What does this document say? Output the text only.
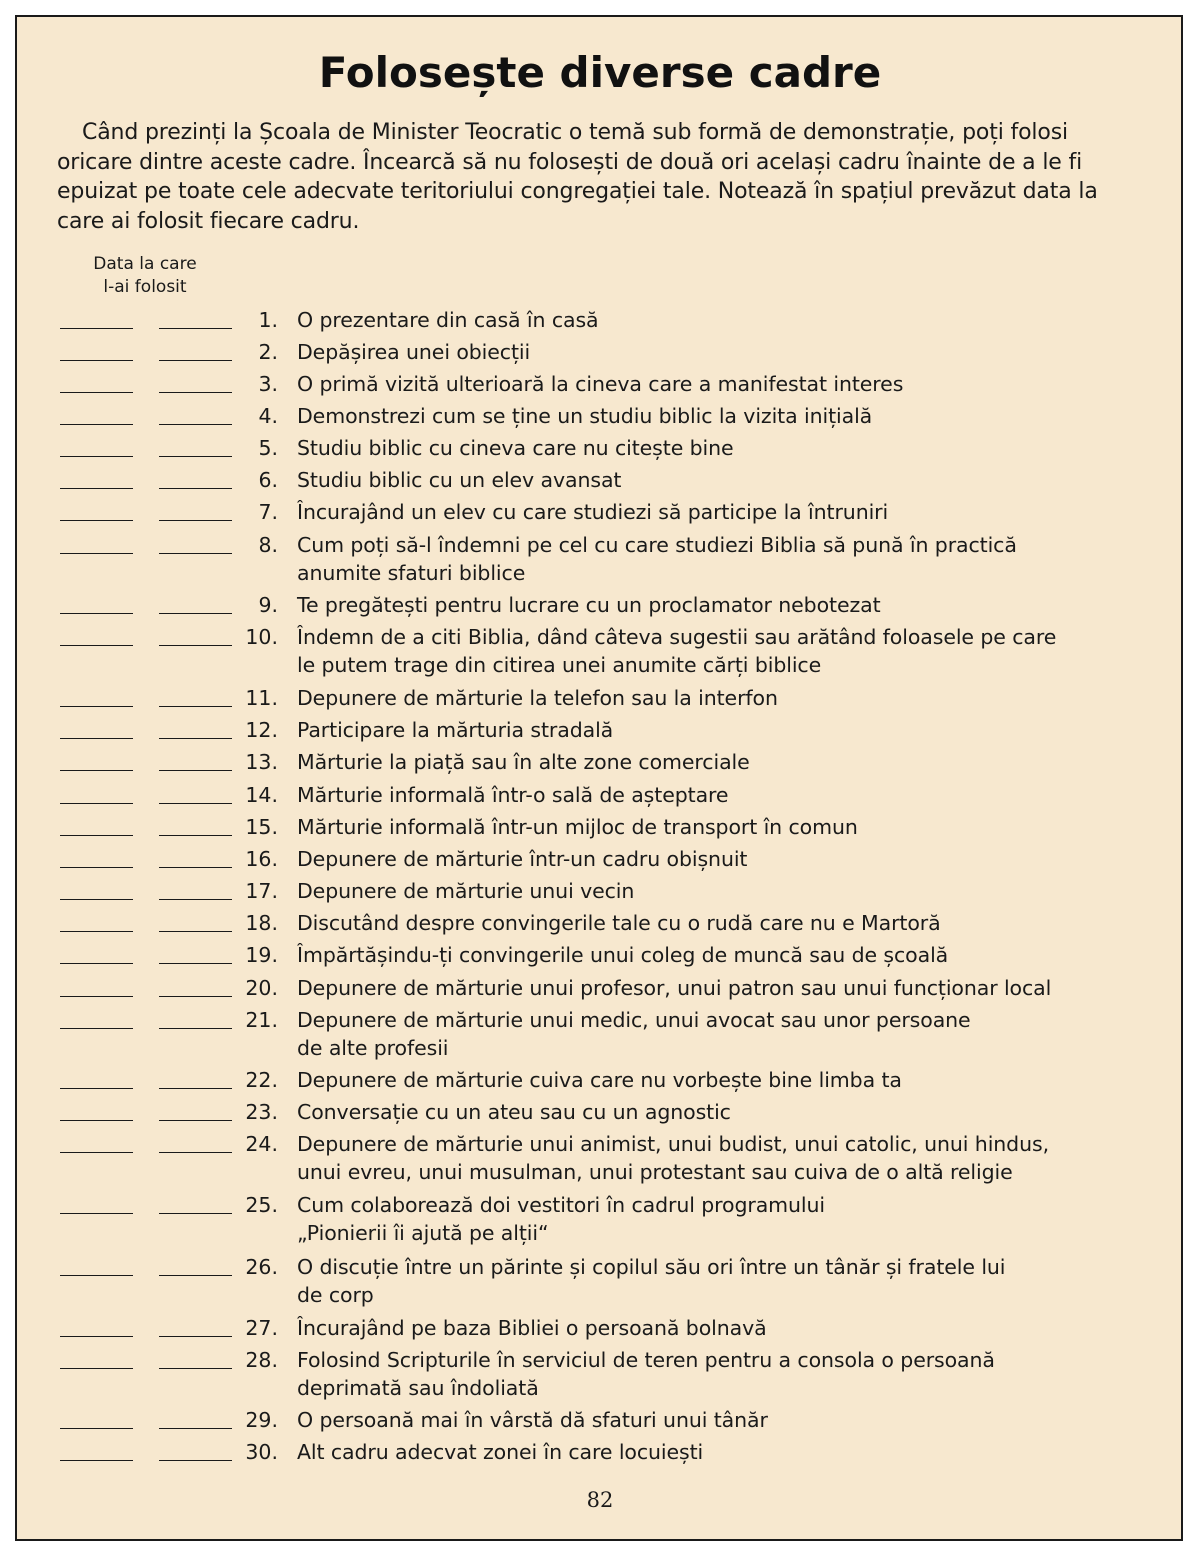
Folosește diverse cadre

Când prezinți la Școala de Minister Teocratic o temă sub formă de demonstrație, poți folosi oricare dintre aceste cadre. Încearcă să nu folosești de două ori același cadru înainte de a le fi epuizat pe toate cele adecvate teritoriului congregației tale. Notează în spațiul prevăzut data la care ai folosit fiecare cadru.

Data la care
l-ai folosit
1. O prezentare din casă în casă
2. Depășirea unei obiecții
3. O primă vizită ulterioară la cineva care a manifestat interes
4. Demonstrezi cum se ține un studiu biblic la vizita inițială
5. Studiu biblic cu cineva care nu citește bine
6. Studiu biblic cu un elev avansat
7. Încurajând un elev cu care studiezi să participe la întruniri
8. Cum poți să-l îndemni pe cel cu care studiezi Biblia să pună în practică
anumite sfaturi biblice
9. Te pregătești pentru lucrare cu un proclamator nebotezat
10. Îndemn de a citi Biblia, dând câteva sugestii sau arătând foloasele pe care
le putem trage din citirea unei anumite cărți biblice
11. Depunere de mărturie la telefon sau la interfon
12. Participare la mărturia stradală
13. Mărturie la piață sau în alte zone comerciale
14. Mărturie informală într-o sală de așteptare
15. Mărturie informală într-un mijloc de transport în comun
16. Depunere de mărturie într-un cadru obișnuit
17. Depunere de mărturie unui vecin
18. Discutând despre convingerile tale cu o rudă care nu e Martoră
19. Împărtășindu-ți convingerile unui coleg de muncă sau de școală
20. Depunere de mărturie unui profesor, unui patron sau unui funcționar local
21. Depunere de mărturie unui medic, unui avocat sau unor persoane
de alte profesii
22. Depunere de mărturie cuiva care nu vorbește bine limba ta
23. Conversație cu un ateu sau cu un agnostic
24. Depunere de mărturie unui animist, unui budist, unui catolic, unui hindus,
unui evreu, unui musulman, unui protestant sau cuiva de o altă religie
25. Cum colaborează doi vestitori în cadrul programului
„Pionierii îi ajută pe alții“
26. O discuție între un părinte și copilul său ori între un tânăr și fratele lui
de corp
27. Încurajând pe baza Bibliei o persoană bolnavă
28. Folosind Scripturile în serviciul de teren pentru a consola o persoană
deprimată sau îndoliată
29. O persoană mai în vârstă dă sfaturi unui tânăr
30. Alt cadru adecvat zonei în care locuiești
82
